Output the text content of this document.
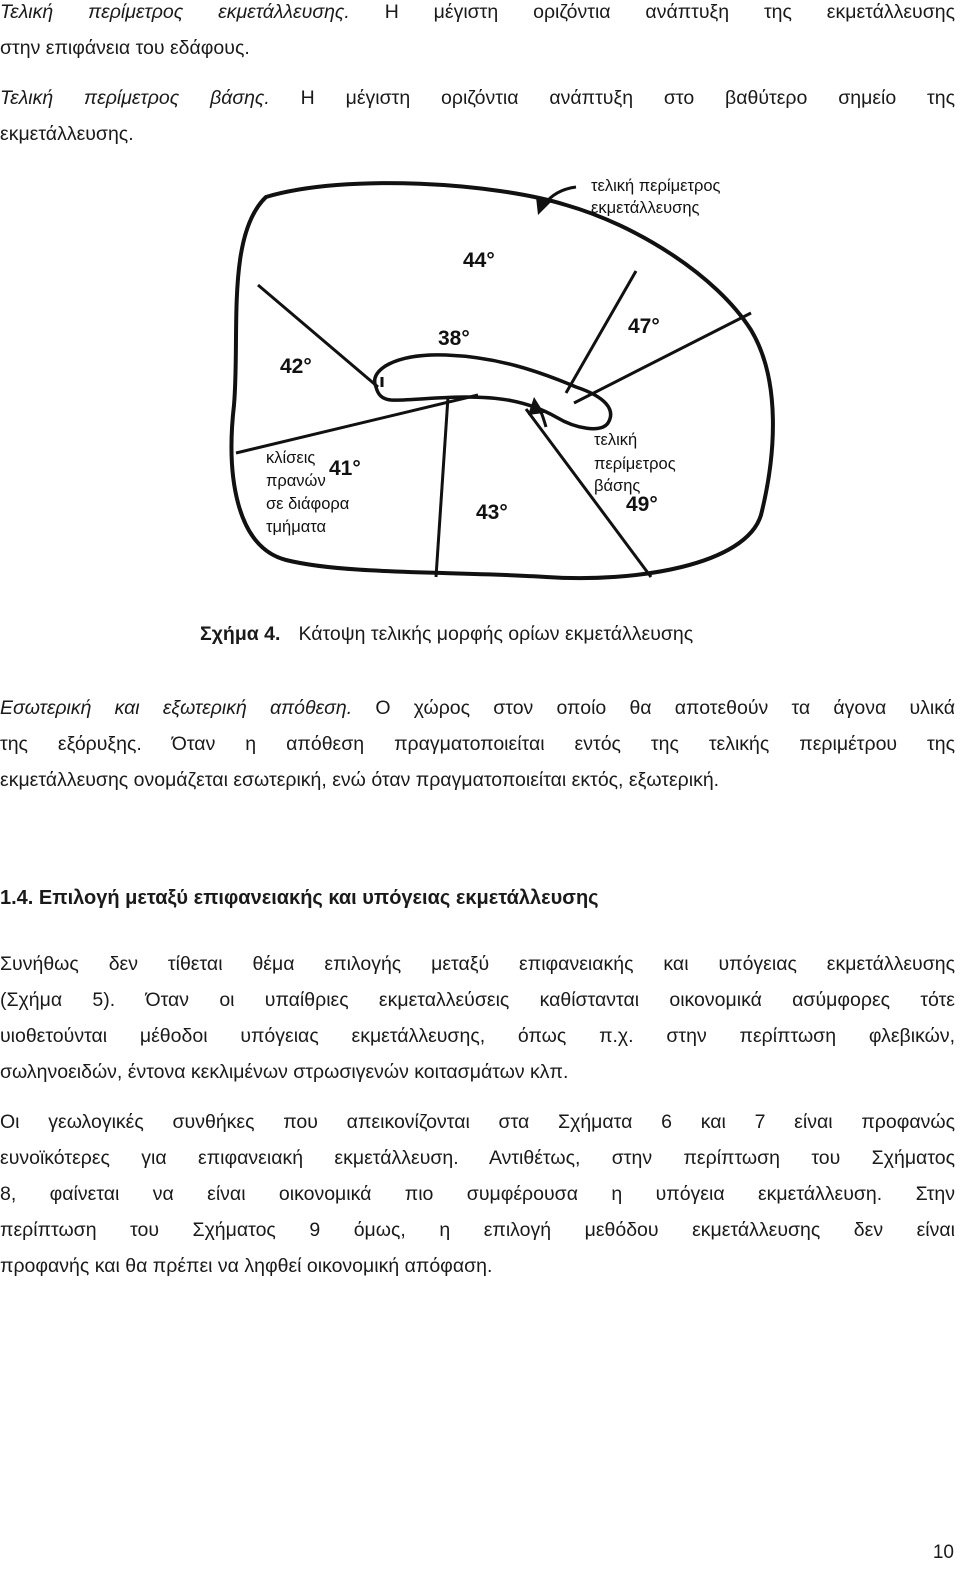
Τελική περίμετρος εκμετάλλευσης. Η μέγιστη οριζόντια ανάπτυξη της εκμετάλλευσης
στην επιφάνεια του εδάφους.
Τελική περίμετρος βάσης. Η μέγιστη οριζόντια ανάπτυξη στο βαθύτερο σημείο της
εκμετάλλευσης.
τελική περίμετρος
εκμετάλλευσης
τελική
περίμετρος
βάσης
κλίσεις
πρανών
σε διάφορα
τμήματα
44°
38°
47°
42°
41°
43°	49°
Σχήμα 4. Κάτοψη τελικής μορφής ορίων εκμετάλλευσης
Εσωτερική και εξωτερική απόθεση. Ο χώρος στον οποίο θα αποτεθούν τα άγονα υλικά
της εξόρυξης. Όταν η απόθεση πραγματοποιείται εντός της τελικής περιμέτρου της
εκμετάλλευσης ονομάζεται εσωτερική, ενώ όταν πραγματοποιείται εκτός, εξωτερική.
1.4. Επιλογή μεταξύ επιφανειακής και υπόγειας εκμετάλλευσης
Συνήθως δεν τίθεται θέμα επιλογής μεταξύ επιφανειακής και υπόγειας εκμετάλλευσης
(Σχήμα 5). Όταν οι υπαίθριες εκμεταλλεύσεις καθίστανται οικονομικά ασύμφορες τότε
υιοθετούνται μέθοδοι υπόγειας εκμετάλλευσης, όπως π.χ. στην περίπτωση φλεβικών,
σωληνοειδών, έντονα κεκλιμένων στρωσιγενών κοιτασμάτων κλπ.
Οι γεωλογικές συνθήκες που απεικονίζονται στα Σχήματα 6 και 7 είναι προφανώς
ευνοϊκότερες για επιφανειακή εκμετάλλευση. Αντιθέτως, στην περίπτωση του Σχήματος
8, φαίνεται να είναι οικονομικά πιο συμφέρουσα η υπόγεια εκμετάλλευση. Στην
περίπτωση του Σχήματος 9 όμως, η επιλογή μεθόδου εκμετάλλευσης δεν είναι
προφανής και θα πρέπει να ληφθεί οικονομική απόφαση.
10
